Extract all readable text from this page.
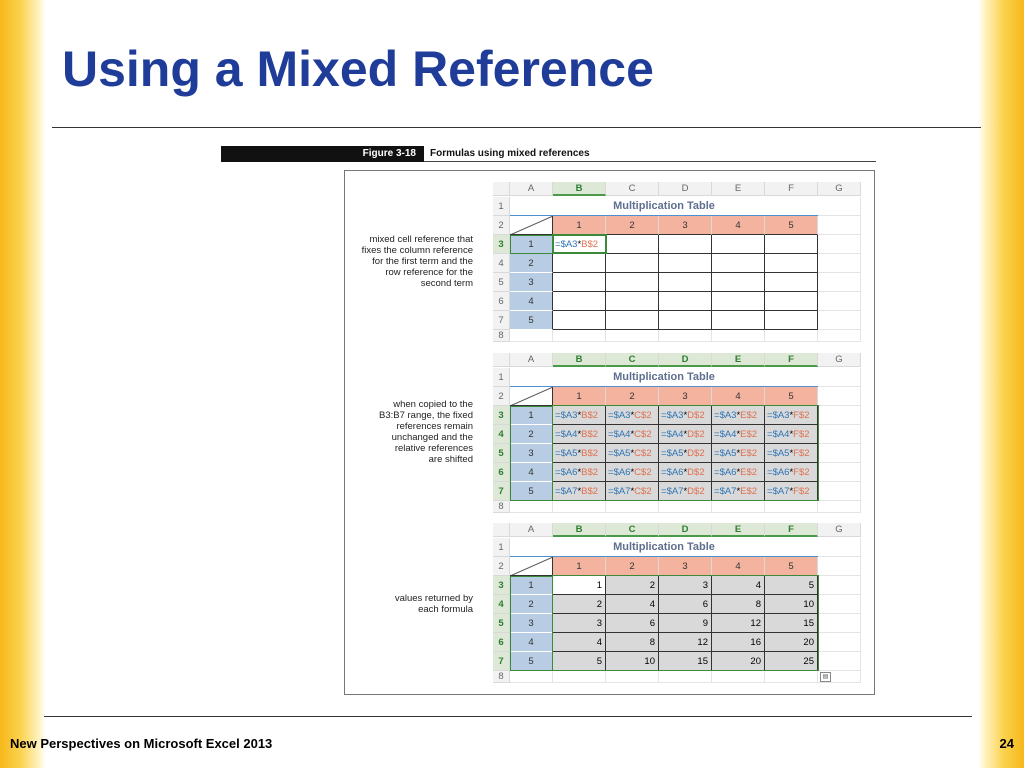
Using a Mixed Reference
Figure 3-18 Formulas using mixed references
mixed cell reference that
fixes the column reference
for the first term and the
row reference for the
second term
when copied to the
B3:B7 range, the fixed
references remain
unchanged and the
relative references
are shifted
values returned by
each formula
A	B	C	D	E	F	G
1	Multiplication Table
2	1	2	3	4	5
3	1	=$A3*B$2
4	2
5	3
6	4
7	5
8
A	B	C	D	E	F	G
1	Multiplication Table
2	1	2	3	4	5
3	1	=$A3*B$2	=$A3*C$2 =$A3*D$2 =$A3*E$2	=$A3*F$2
4	2	=$A4*B$2	=$A4*C$2 =$A4*D$2 =$A4*E$2	=$A4*F$2
5	3	=$A5*B$2	=$A5*C$2 =$A5*D$2 =$A5*E$2	=$A5*F$2
6	4	=$A6*B$2	=$A6*C$2 =$A6*D$2 =$A6*E$2	=$A6*F$2
7	5	=$A7*B$2	=$A7*C$2 =$A7*D$2 =$A7*E$2	=$A7*F$2
8
A	B	C	D	E	F	G
1	Multiplication Table
2	1	2	3	4	5
3	1	1	2	3	4	5
4	2	2	4	6	8	10
5	3	3	6	9	12	15
6	4	4	8	12	16	20
7	5	5	10	15	20	25
8	▤
New Perspectives on Microsoft Excel 2013	24
